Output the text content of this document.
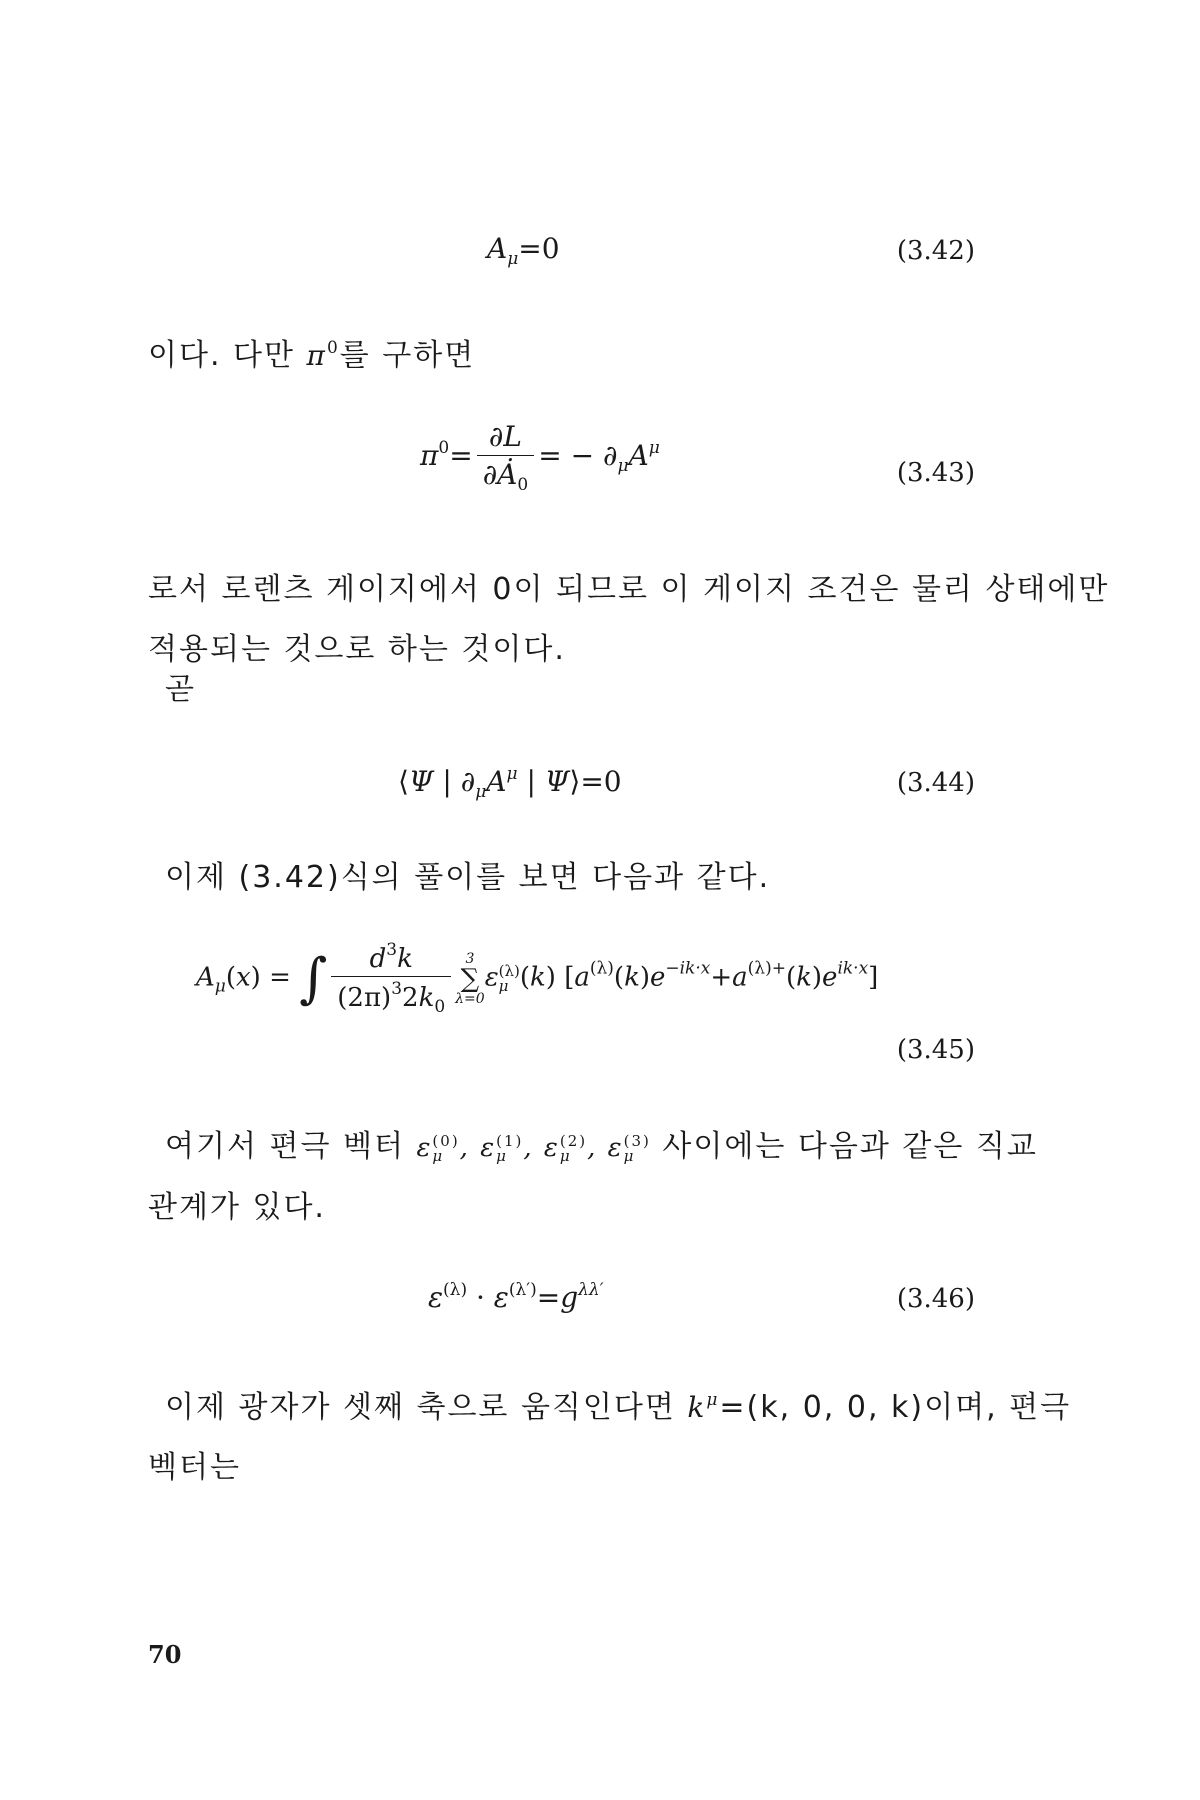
$A_\mu=0$	(3.42)
이다. 다만 $\pi^0$를 구하면
$\pi^0= \frac{\partial L}{\partial Ȧ_0}$ = − $\partial_\mu A^\mu$
(3.43)
로서 로렌츠 게이지에서 0이 되므로 이 게이지 조건은 물리 상태에만
적용되는 것으로 하는 것이다.
곧
⟨Ψ | $\partial_\mu A^\mu$ | Ψ⟩=0	(3.44)
이제 (3.42)식의 풀이를 보면 다음과 같다.
$A_\mu(x)$ = ∫ $\frac{d^3k}{(2\pi)^32k_0}$	3
∑
λ=0
ε (λ)
μ (k) $[a^{(\lambda)}(k)e^{-ik\cdot x}+a^{(\lambda)+}(k)e^{ik\cdot x}]$
(3.45)
여기서 편극 벡터 ε (0)
μ , ε (1)
μ , ε (2)
μ , ε (3)
μ 사이에는 다음과 같은 직교
관계가 있다.
$\varepsilon^{(\lambda)} \cdot \varepsilon^{(\lambda')}=g^{\lambda\lambda'}$	(3.46)
이제 광자가 셋째 축으로 움직인다면 $k^\mu=(k$, 0, 0, k)이며, 편극
벡터는
70
